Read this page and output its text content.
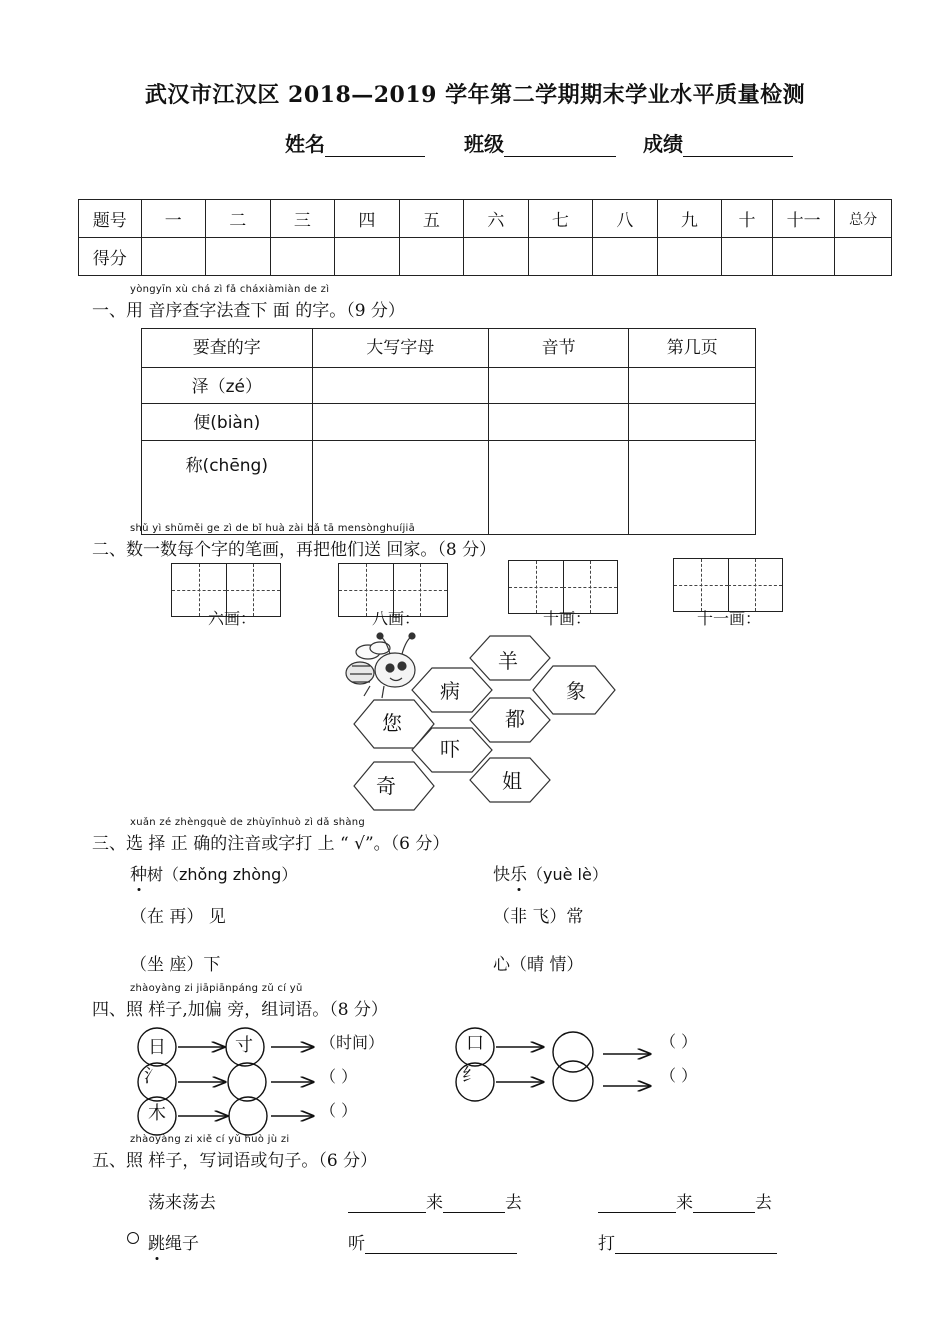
武汉市江汉区 2018—2019 学年第二学期期末学业水平质量检测
姓名	班级	成绩
题号	一	二	三	四	五	六	七	八	九	十	十一	总分
得分												
yòngyīn xù chá zì fǎ cháxiàmiàn de zì
一、用 音序查字法查下 面 的字。（9 分）
要查的字	大写字母	音节	第几页
泽（zé）			
便(biàn)			
称(chēng)			
shǔ yì shǔměi ge zì de bǐ huà zài bǎ tā mensònghuíjiā
二、数一数每个字的笔画，再把他们送 回家。（8 分）
六画：	八画：	十画：	十一画：
羊
病	象
您	都
吓
奇	姐
xuǎn zé zhèngquè de zhùyīnhuò zì dǎ shàng
三、选 择 正 确的注音或字打 上 “ √”。（6 分）
种树（zhǒng zhòng）
（在 再） 见
（坐 座）下
快乐（yuè lè）
（非 飞）常
心（晴 情）
zhàoyàng zi jiāpiānpáng zǔ cí yǔ
四、照 样子,加偏 旁，组词语。（8 分）
日
氵
木
寸	口
纟
（时间）
（ ）
（ ）
（ ）
（ ）
zhàoyàng zi xiě cí yǔ huò jù zi
五、照 样子，写词语或句子。（6 分）
荡来荡去	来	去	来	去
跳绳子	听	打
